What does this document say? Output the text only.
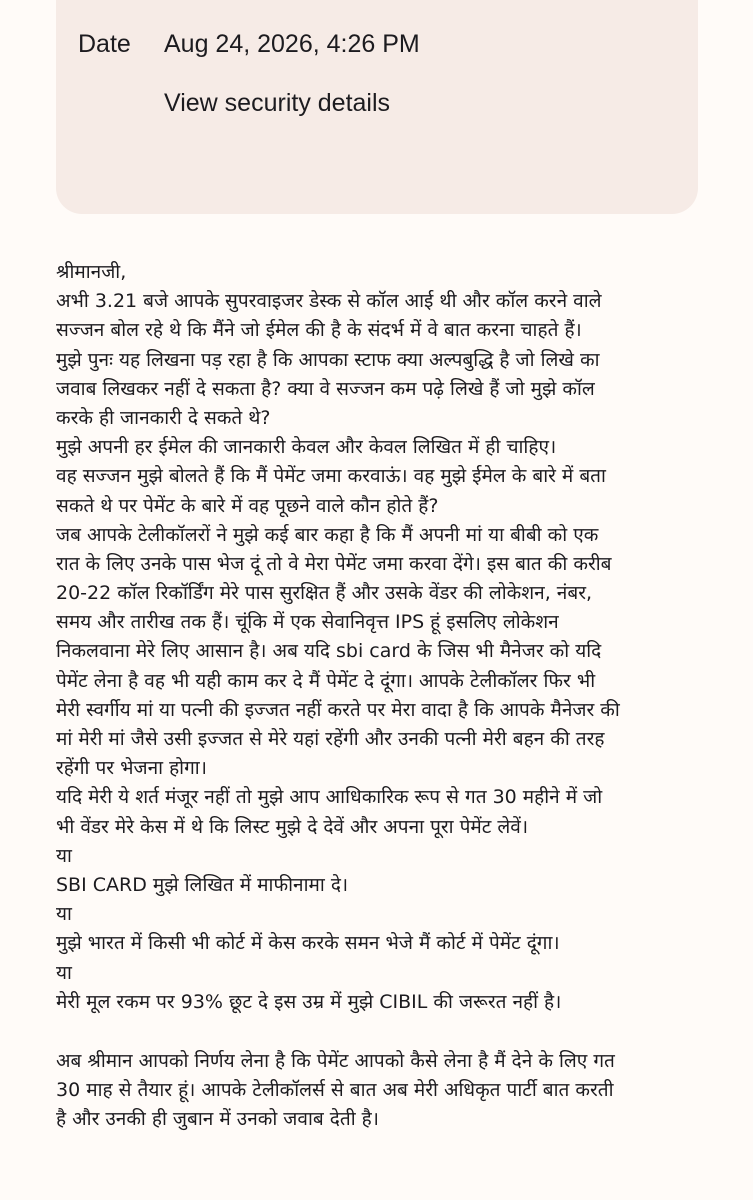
Date Aug 24, 2026, 4:26 PM
View security details
श्रीमानजी,
अभी 3.21 बजे आपके सुपरवाइजर डेस्क से कॉल आई थी और कॉल करने वाले
सज्जन बोल रहे थे कि मैंने जो ईमेल की है के संदर्भ में वे बात करना चाहते हैं।
मुझे पुनः यह लिखना पड़ रहा है कि आपका स्टाफ क्या अल्पबुद्धि है जो लिखे का
जवाब लिखकर नहीं दे सकता है? क्या वे सज्जन कम पढ़े लिखे हैं जो मुझे कॉल
करके ही जानकारी दे सकते थे?
मुझे अपनी हर ईमेल की जानकारी केवल और केवल लिखित में ही चाहिए।
वह सज्जन मुझे बोलते हैं कि मैं पेमेंट जमा करवाऊं। वह मुझे ईमेल के बारे में बता
सकते थे पर पेमेंट के बारे में वह पूछने वाले कौन होते हैं?
जब आपके टेलीकॉलरों ने मुझे कई बार कहा है कि मैं अपनी मां या बीबी को एक
रात के लिए उनके पास भेज दूं तो वे मेरा पेमेंट जमा करवा देंगे। इस बात की करीब
20-22 कॉल रिकॉर्डिंग मेरे पास सुरक्षित हैं और उसके वेंडर की लोकेशन, नंबर,
समय और तारीख तक हैं। चूंकि में एक सेवानिवृत्त IPS हूं इसलिए लोकेशन
निकलवाना मेरे लिए आसान है। अब यदि sbi card के जिस भी मैनेजर को यदि
पेमेंट लेना है वह भी यही काम कर दे मैं पेमेंट दे दूंगा। आपके टेलीकॉलर फिर भी
मेरी स्वर्गीय मां या पत्नी की इज्जत नहीं करते पर मेरा वादा है कि आपके मैनेजर की
मां मेरी मां जैसे उसी इज्जत से मेरे यहां रहेंगी और उनकी पत्नी मेरी बहन की तरह
रहेंगी पर भेजना होगा।
यदि मेरी ये शर्त मंजूर नहीं तो मुझे आप आधिकारिक रूप से गत 30 महीने में जो
भी वेंडर मेरे केस में थे कि लिस्ट मुझे दे देवें और अपना पूरा पेमेंट लेवें।
या
SBI CARD मुझे लिखित में माफीनामा दे।
या
मुझे भारत में किसी भी कोर्ट में केस करके समन भेजे मैं कोर्ट में पेमेंट दूंगा।
या
मेरी मूल रकम पर 93% छूट दे इस उम्र में मुझे CIBIL की जरूरत नहीं है।
अब श्रीमान आपको निर्णय लेना है कि पेमेंट आपको कैसे लेना है मैं देने के लिए गत
30 माह से तैयार हूं। आपके टेलीकॉलर्स से बात अब मेरी अधिकृत पार्टी बात करती
है और उनकी ही जुबान में उनको जवाब देती है।
